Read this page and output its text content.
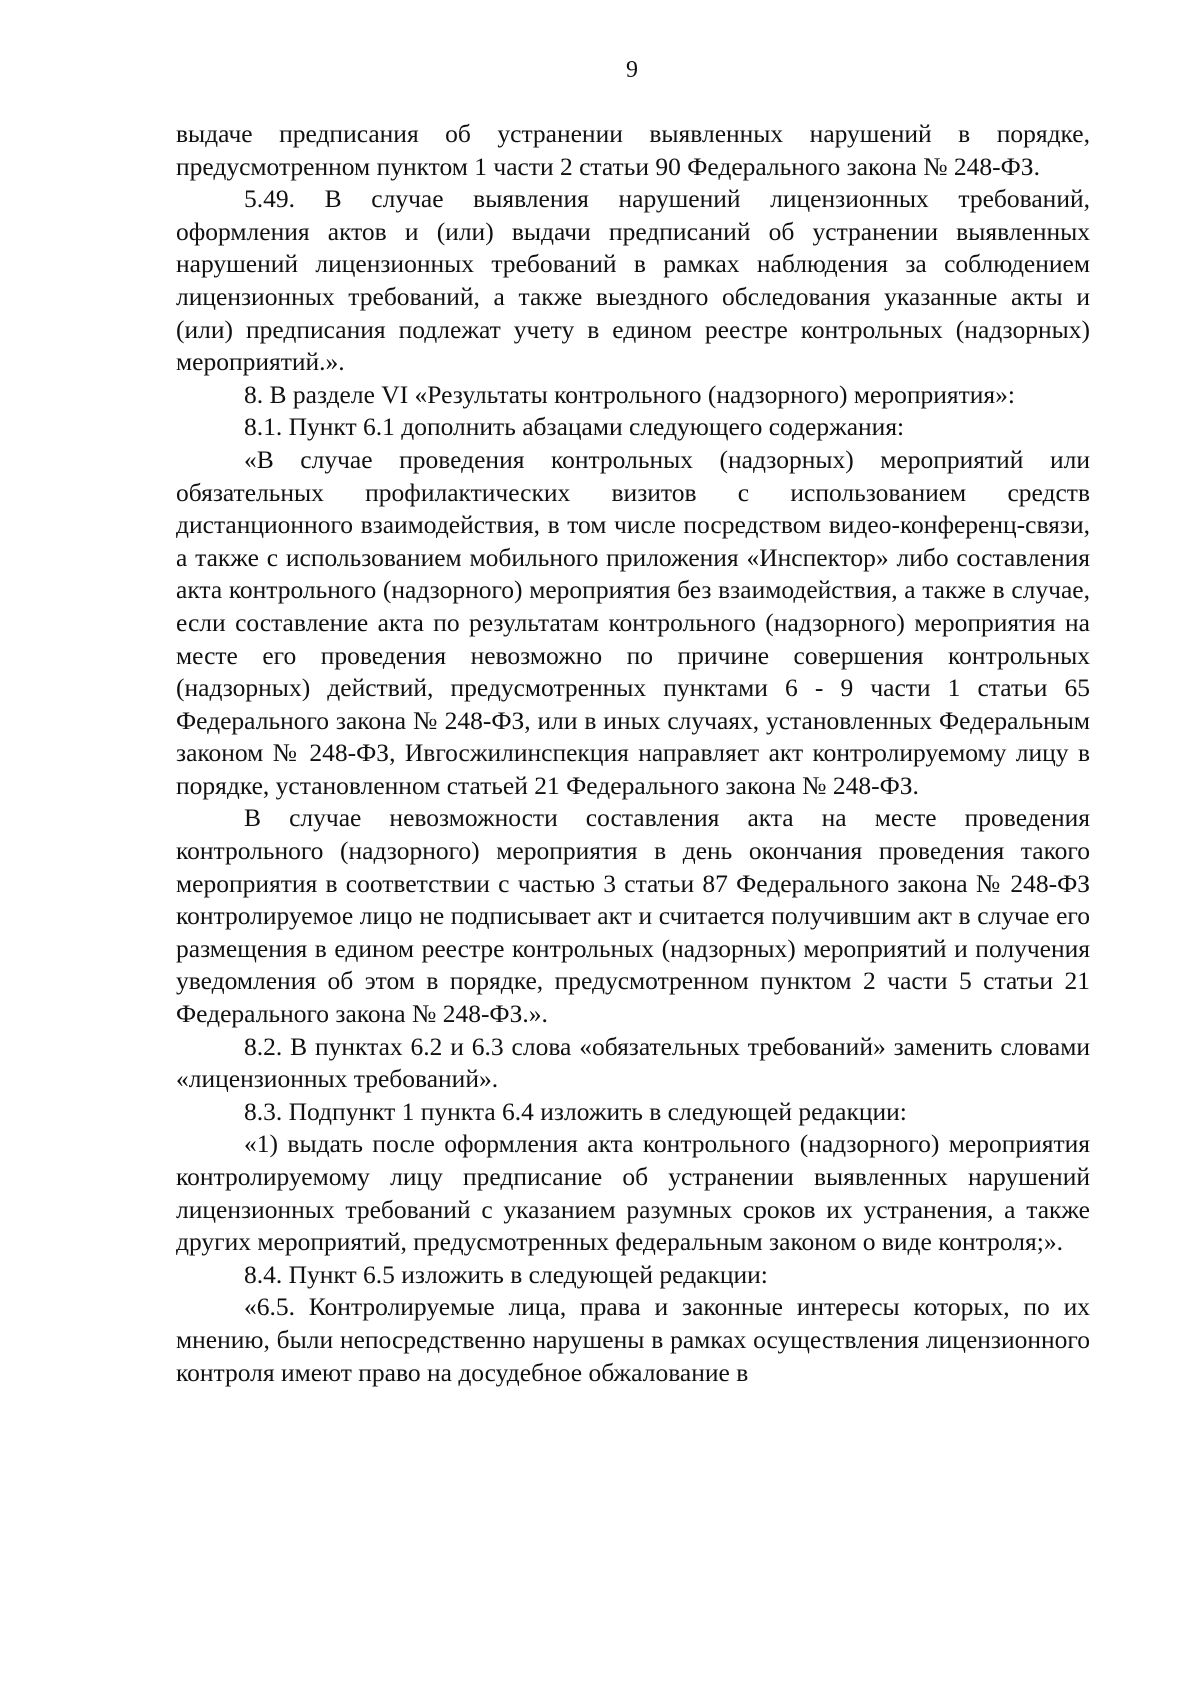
9

выдаче предписания об устранении выявленных нарушений в порядке, предусмотренном пунктом 1 части 2 статьи 90 Федерального закона № 248-ФЗ.

5.49. В случае выявления нарушений лицензионных требований, оформления актов и (или) выдачи предписаний об устранении выявленных нарушений лицензионных требований в рамках наблюдения за соблюдением лицензионных требований, а также выездного обследования указанные акты и (или) предписания подлежат учету в едином реестре контрольных (надзорных) мероприятий.».

8. В разделе VI «Результаты контрольного (надзорного) мероприятия»:

8.1. Пункт 6.1 дополнить абзацами следующего содержания:

«В случае проведения контрольных (надзорных) мероприятий или обязательных профилактических визитов с использованием средств дистанционного взаимодействия, в том числе посредством видео-конференц-связи, а также с использованием мобильного приложения «Инспектор» либо составления акта контрольного (надзорного) мероприятия без взаимодействия, а также в случае, если составление акта по результатам контрольного (надзорного) мероприятия на месте его проведения невозможно по причине совершения контрольных (надзорных) действий, предусмотренных пунктами 6 - 9 части 1 статьи 65 Федерального закона № 248-ФЗ, или в иных случаях, установленных Федеральным законом № 248-ФЗ, Ивгосжилинспекция направляет акт контролируемому лицу в порядке, установленном статьей 21 Федерального закона № 248-ФЗ.

В случае невозможности составления акта на месте проведения контрольного (надзорного) мероприятия в день окончания проведения такого мероприятия в соответствии с частью 3 статьи 87 Федерального закона № 248-ФЗ контролируемое лицо не подписывает акт и считается получившим акт в случае его размещения в едином реестре контрольных (надзорных) мероприятий и получения уведомления об этом в порядке, предусмотренном пунктом 2 части 5 статьи 21 Федерального закона № 248-ФЗ.».

8.2. В пунктах 6.2 и 6.3 слова «обязательных требований» заменить словами «лицензионных требований».

8.3. Подпункт 1 пункта 6.4 изложить в следующей редакции:

«1) выдать после оформления акта контрольного (надзорного) мероприятия контролируемому лицу предписание об устранении выявленных нарушений лицензионных требований с указанием разумных сроков их устранения, а также других мероприятий, предусмотренных федеральным законом о виде контроля;».

8.4. Пункт 6.5 изложить в следующей редакции:

«6.5. Контролируемые лица, права и законные интересы которых, по их мнению, были непосредственно нарушены в рамках осуществления лицензионного контроля имеют право на досудебное обжалование в
